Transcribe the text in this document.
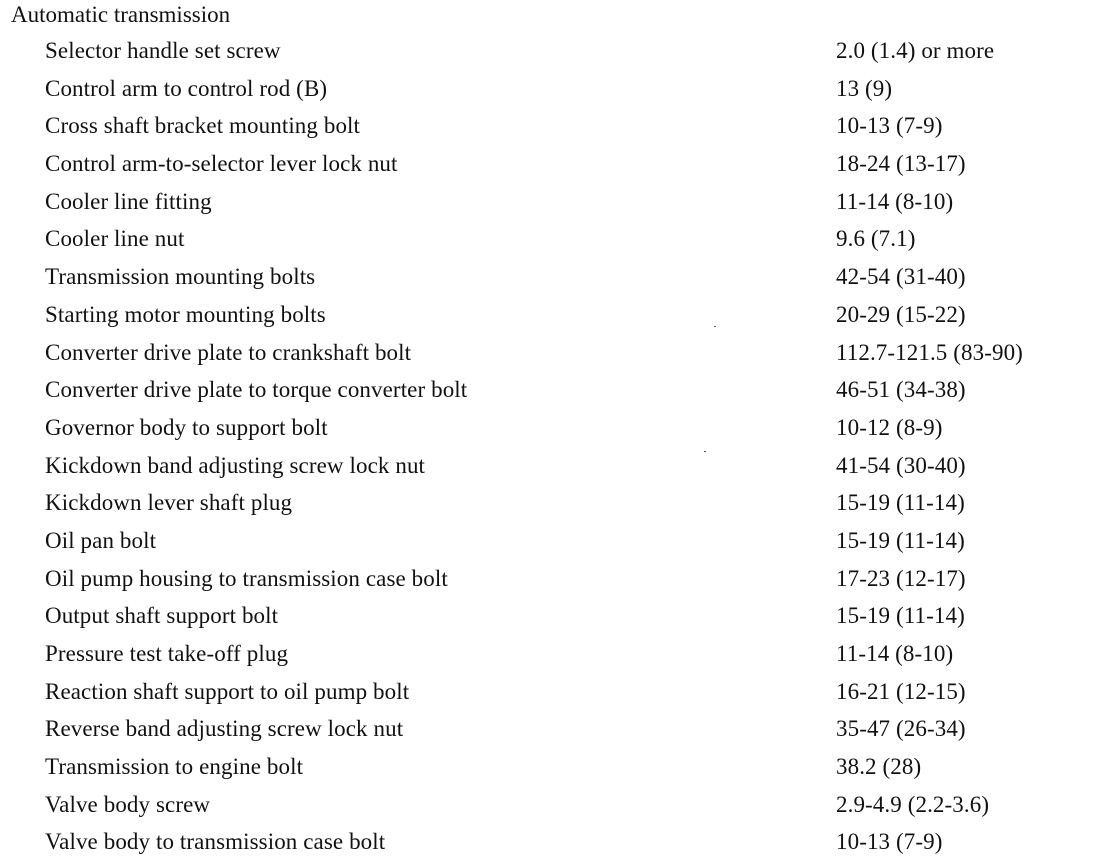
Automatic transmission
Selector handle set screw	2.0 (1.4) or more
Control arm to control rod (B)	13 (9)
Cross shaft bracket mounting bolt	10-13 (7-9)
Control arm-to-selector lever lock nut	18-24 (13-17)
Cooler line fitting	11-14 (8-10)
Cooler line nut	9.6 (7.1)
Transmission mounting bolts	42-54 (31-40)
Starting motor mounting bolts	20-29 (15-22)
Converter drive plate to crankshaft bolt	112.7-121.5 (83-90)
Converter drive plate to torque converter bolt	46-51 (34-38)
Governor body to support bolt	10-12 (8-9)
Kickdown band adjusting screw lock nut	41-54 (30-40)
Kickdown lever shaft plug	15-19 (11-14)
Oil pan bolt	15-19 (11-14)
Oil pump housing to transmission case bolt	17-23 (12-17)
Output shaft support bolt	15-19 (11-14)
Pressure test take-off plug	11-14 (8-10)
Reaction shaft support to oil pump bolt	16-21 (12-15)
Reverse band adjusting screw lock nut	35-47 (26-34)
Transmission to engine bolt	38.2 (28)
Valve body screw	2.9-4.9 (2.2-3.6)
Valve body to transmission case bolt	10-13 (7-9)
